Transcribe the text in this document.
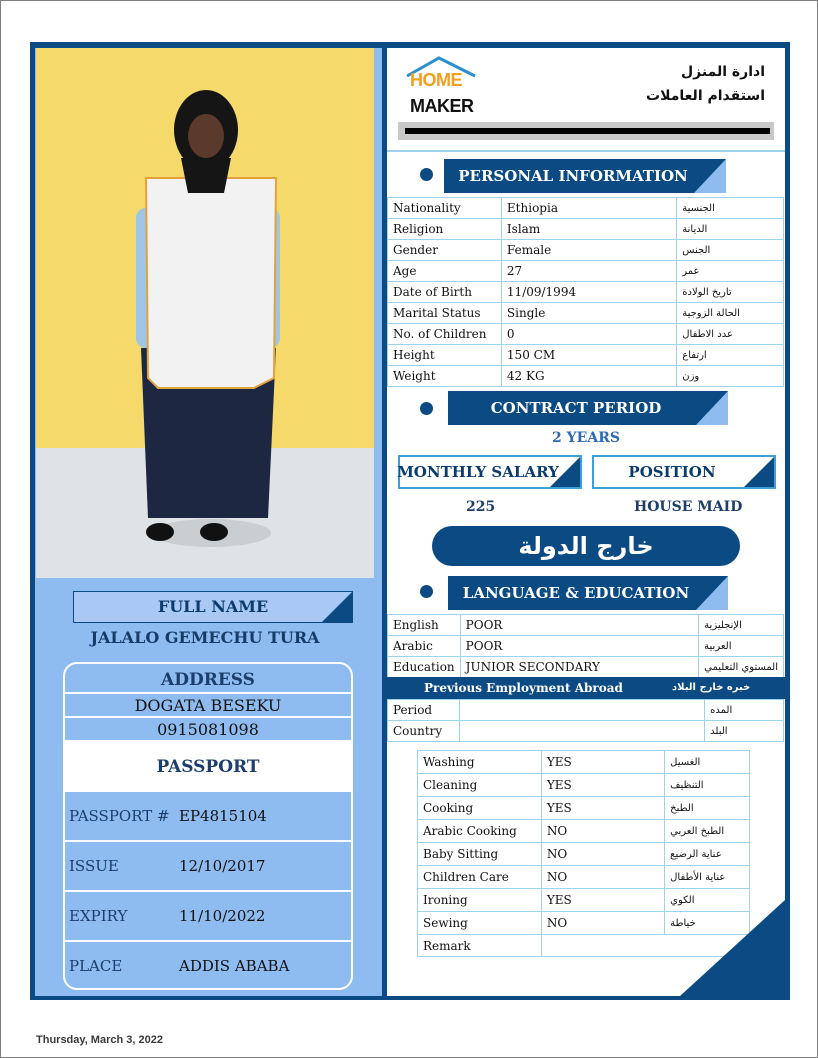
FULL NAME
JALALO GEMECHU TURA
ADDRESS
DOGATA BESEKU
0915081098
PASSPORT
PASSPORT # EP4815104
ISSUE	12/10/2017
EXPIRY	11/10/2022
PLACE	ADDIS ABABA
HOME
MAKER
ادارة المنزل
استقدام العاملات
PERSONAL INFORMATION
Nationality	Ethiopia	الجنسية
Religion	Islam	الديانة
Gender	Female	الجنس
Age	27	عمر
Date of Birth	11/09/1994	تاريخ الولادة
Marital Status	Single	الحالة الزوجية
No. of Children	0	عدد الاطفال
Height	150 CM	ارتفاع
Weight	42 KG	وزن
CONTRACT PERIOD
2 YEARS
MONTHLY SALARY	POSITION
225	HOUSE MAID
خارج الدولة
LANGUAGE & EDUCATION
English	POOR	الإنجليزية
Arabic	POOR	العربية
Education	JUNIOR SECONDARY	المستوي التعليمي
Previous Employment Abroad	خبره خارج البلاد
Period		المده
Country		البلد
Washing	YES	الغسيل
Cleaning	YES	التنظيف
Cooking	YES	الطبخ
Arabic Cooking	NO	الطبخ العربي
Baby Sitting	NO	عناية الرضيع
Children Care	NO	عناية الأطفال
Ironing	YES	الكوي
Sewing	NO	خياطة
Remark		
Thursday, March 3, 2022
